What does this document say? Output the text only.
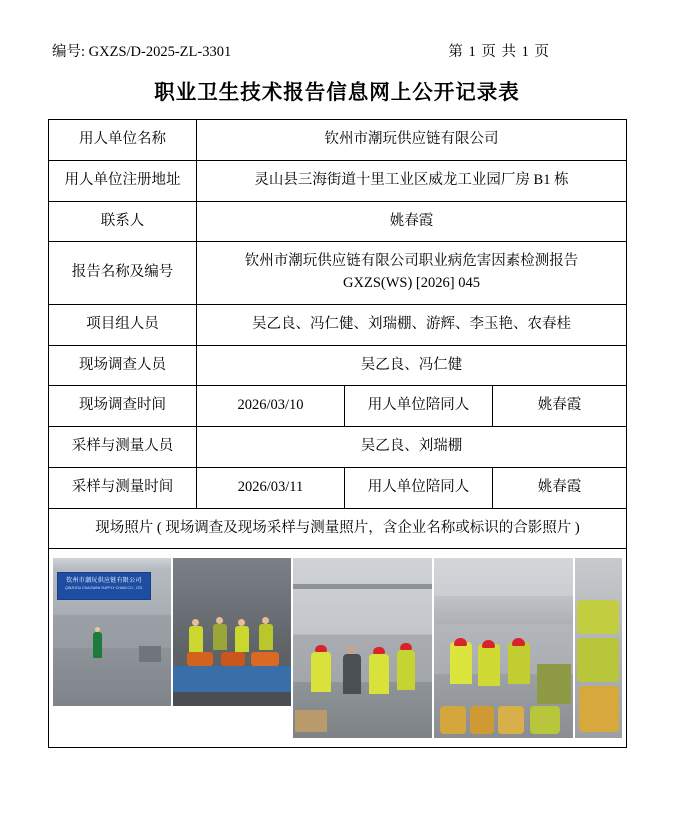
编号: GXZS/D-2025-ZL-3301	第 1 页 共 1 页
职业卫生技术报告信息网上公开记录表
用人单位名称	钦州市潮玩供应链有限公司		
用人单位注册地址	灵山县三海街道十里工业区威龙工业园厂房 B1 栋		
联系人	姚春霞		
报告名称及编号	钦州市潮玩供应链有限公司职业病危害因素检测报告
GXZS(WS) [2026] 045		

项目组人员	吴乙良、冯仁健、刘瑞棚、游辉、李玉艳、农春桂		
现场调查人员	吴乙良、冯仁健		
现场调查时间	2026/03/10	用人单位陪同人	姚春霞
采样与测量人员	吴乙良、刘瑞棚		
采样与测量时间	2026/03/11	用人单位陪同人	姚春霞
现场照片 ( 现场调查及现场采样与测量照片，含企业名称或标识的合影照片 )			

钦州市潮玩供应链有限公司
QINZHOU CHAOWAN SUPPLY CHAIN CO., LTD.			
